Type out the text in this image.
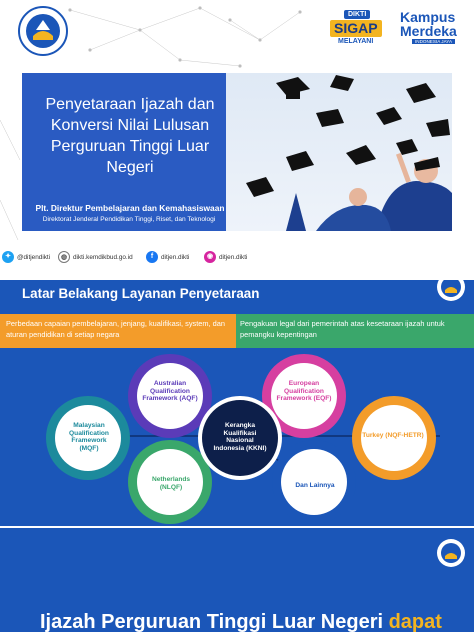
DIKTI
SIGAP
MELAYANI
Kampus
Merdeka
INDONESIA JAYA
Penyetaraan Ijazah dan Konversi Nilai Lulusan Perguruan Tinggi Luar Negeri
Plt. Direktur Pembelajaran dan Kemahasiswaan
Direktorat Jenderal Pendidikan Tinggi, Riset, dan Teknologi
✦ @ditjendikti	◍ dikti.kemdikbud.go.id	f	ditjen.dikti	◉ ditjen.dikti
Latar Belakang Layanan Penyetaraan
Perbedaan capaian pembelajaran, jenjang, kualifikasi, system, dan aturan pendidikan di setiap negara
Pengakuan legal dari pemerintah atas kesetaraan ijazah untuk pemangku kepentingan
Australian Qualification Framework (AQF)
European Qualification Framework (EQF)
Malaysian Qualification Framework (MQF)
Turkey (NQF-HETR)
Netherlands (NLQF)	Dan Lainnya
Kerangka Kualifikasi Nasional Indonesia (KKNI)
Ijazah Perguruan Tinggi Luar Negeri dapat
